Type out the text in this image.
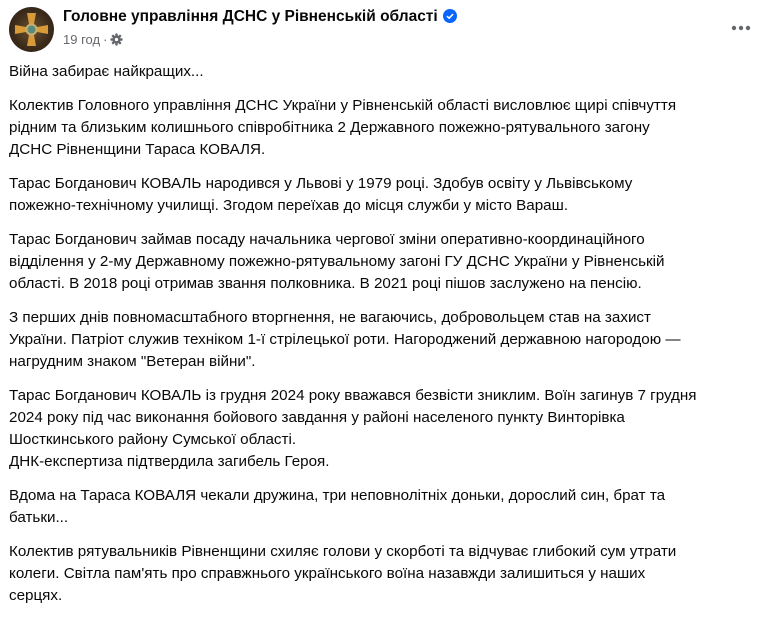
Головне управління ДСНС у Рівненській області
19 год ·
Війна забирає найкращих...
Колектив Головного управління ДСНС України у Рівненській області висловлює щирі співчуття
рідним та близьким колишнього співробітника 2 Державного пожежно-рятувального загону
ДСНС Рівненщини Тараса КОВАЛЯ.
Тарас Богданович КОВАЛЬ народився у Львові у 1979 році. Здобув освіту у Львівському
пожежно-технічному училищі. Згодом переїхав до місця служби у місто Вараш.
Тарас Богданович займав посаду начальника чергової зміни оперативно-координаційного
відділення у 2-му Державному пожежно-рятувальному загоні ГУ ДСНС України у Рівненській
області. В 2018 році отримав звання полковника. В 2021 році пішов заслужено на пенсію.
З перших днів повномасштабного вторгнення, не вагаючись, добровольцем став на захист
України. Патріот служив техніком 1-ї стрілецької роти. Нагороджений державною нагородою —
нагрудним знаком "Ветеран війни".
Тарас Богданович КОВАЛЬ із грудня 2024 року вважався безвісти зниклим. Воїн загинув 7 грудня
2024 року під час виконання бойового завдання у районі населеного пункту Винторівка
Шосткинського району Сумської області.
ДНК-експертиза підтвердила загибель Героя.
Вдома на Тараса КОВАЛЯ чекали дружина, три неповнолітніх доньки, дорослий син, брат та
батьки...
Колектив рятувальників Рівненщини схиляє голови у скорботі та відчуває глибокий сум утрати
колеги. Світла пам'ять про справжнього українського воїна назавжди залишиться у наших
серцях.
